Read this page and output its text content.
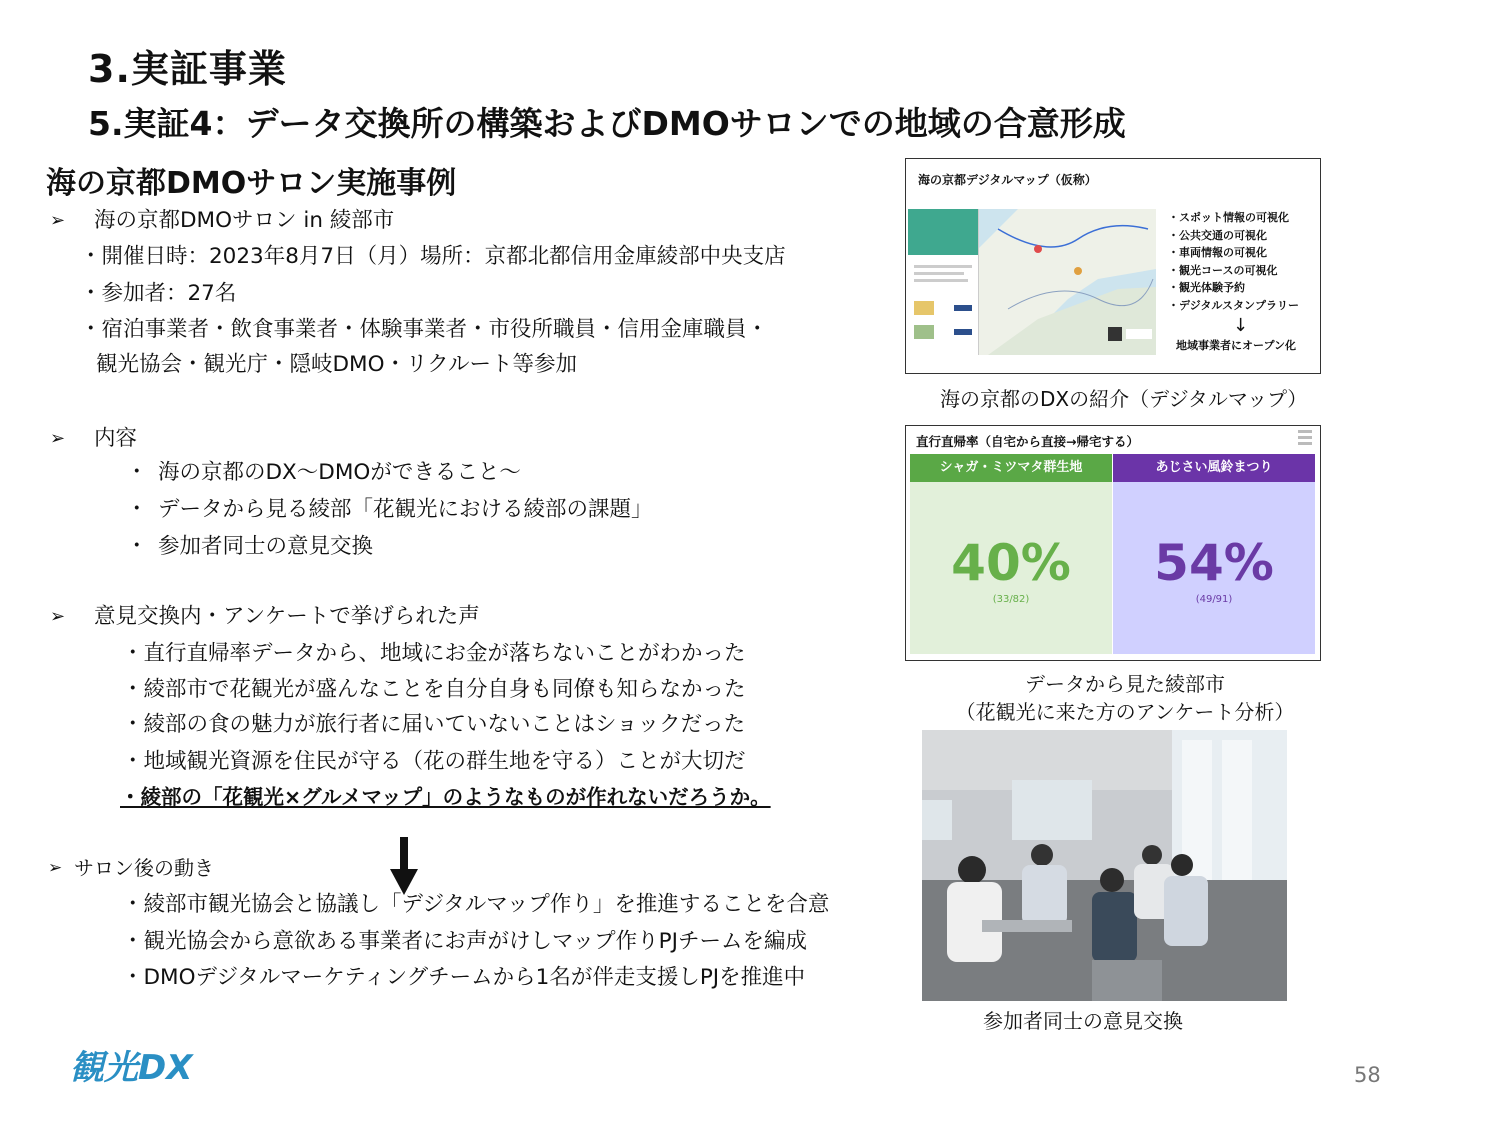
3.実証事業
5.実証4：データ交換所の構築およびDMOサロンでの地域の合意形成
海の京都DMOサロン実施事例
➢ 海の京都DMOサロン in 綾部市
・開催日時：2023年8月7日（月）場所：京都北都信用金庫綾部中央支店
・参加者：27名
・宿泊事業者・飲食事業者・体験事業者・市役所職員・信用金庫職員・
観光協会・観光庁・隠岐DMO・リクルート等参加
➢ 内容
・ 海の京都のDX～DMOができること～
・ データから見る綾部「花観光における綾部の課題」
・ 参加者同士の意見交換
➢ 意見交換内・アンケートで挙げられた声
・直行直帰率データから、地域にお金が落ちないことがわかった
・綾部市で花観光が盛んなことを自分自身も同僚も知らなかった
・綾部の食の魅力が旅行者に届いていないことはショックだった
・地域観光資源を住民が守る（花の群生地を守る）ことが大切だ
・綾部の「花観光×グルメマップ」のようなものが作れないだろうか。
➢ サロン後の動き
・綾部市観光協会と協議し「デジタルマップ作り」を推進することを合意
・観光協会から意欲ある事業者にお声がけしマップ作りPJチームを編成
・DMOデジタルマーケティングチームから1名が伴走支援しPJを推進中
海の京都デジタルマップ（仮称）
・スポット情報の可視化
・公共交通の可視化
・車両情報の可視化
・観光コースの可視化
・観光体験予約
・デジタルスタンプラリー
↓
地域事業者にオープン化
海の京都のDXの紹介（デジタルマップ）
直行直帰率（自宅から直接→帰宅する）
シャガ・ミツマタ群生地
40%
(33/82)
あじさい風鈴まつり
54%
(49/91)
データから見た綾部市
（花観光に来た方のアンケート分析）
参加者同士の意見交換
観光DX	58
